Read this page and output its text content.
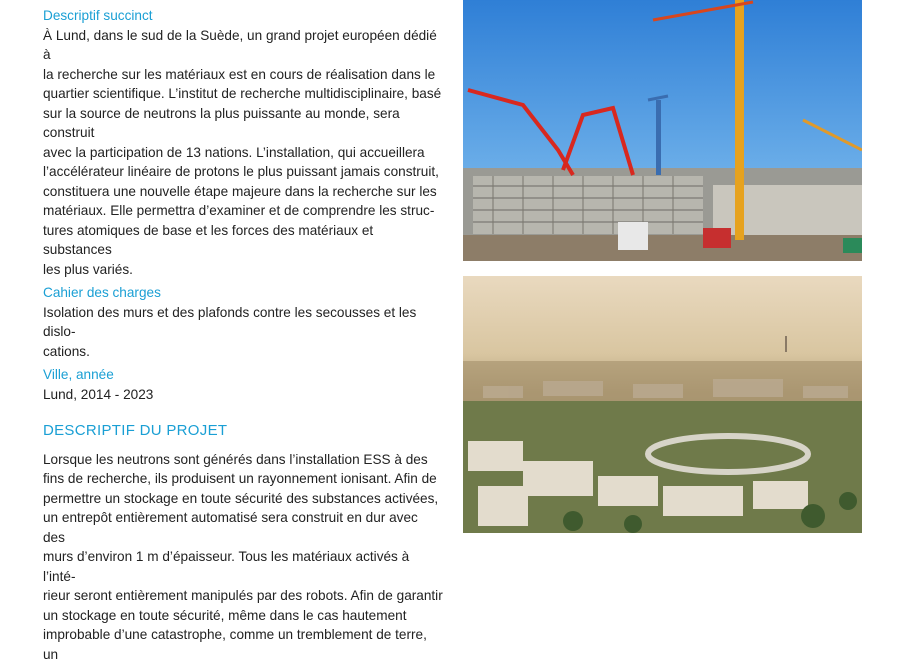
Descriptif succinct

À Lund, dans le sud de la Suède, un grand projet européen dédié à
la recherche sur les matériaux est en cours de réalisation dans le
quartier scientifique. L’institut de recherche multidisciplinaire, basé
sur la source de neutrons la plus puissante au monde, sera construit
avec la participation de 13 nations. L’installation, qui accueillera
l’accélérateur linéaire de protons le plus puissant jamais construit,
constituera une nouvelle étape majeure dans la recherche sur les
matériaux. Elle permettra d’examiner et de comprendre les struc-
tures atomiques de base et les forces des matériaux et substances
les plus variés.

Cahier des charges

Isolation des murs et des plafonds contre les secousses et les dislo-
cations.

Ville, année

Lund, 2014 - 2023

DESCRIPTIF DU PROJET

Lorsque les neutrons sont générés dans l’installation ESS à des
fins de recherche, ils produisent un rayonnement ionisant. Afin de
permettre un stockage en toute sécurité des substances activées,
un entrepôt entièrement automatisé sera construit en dur avec des
murs d’environ 1 m d’épaisseur. Tous les matériaux activés à l’inté-
rieur seront entièrement manipulés par des robots. Afin de garantir
un stockage en toute sécurité, même dans le cas hautement
improbable d’une catastrophe, comme un tremblement de terre, un
